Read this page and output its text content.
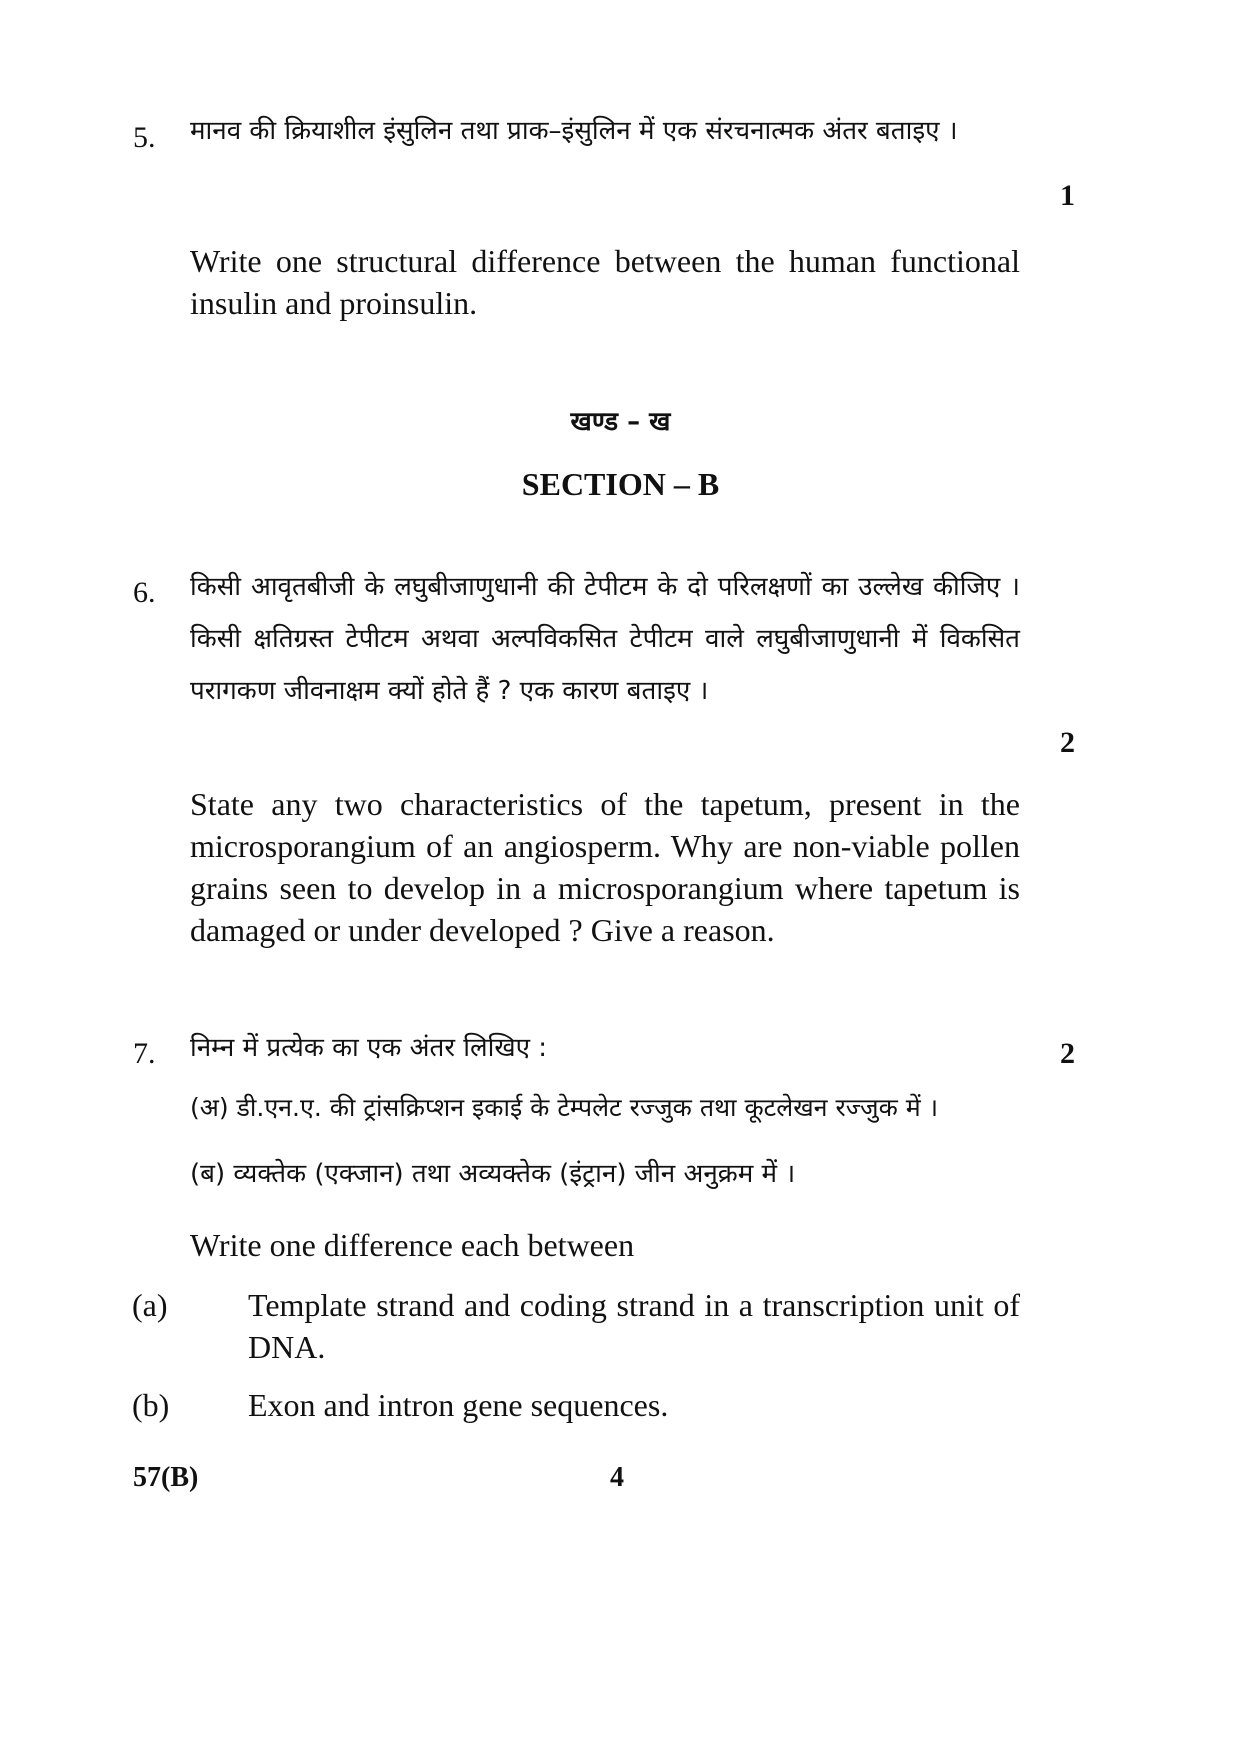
5. मानव की क्रियाशील इंसुलिन तथा प्राक–इंसुलिन में एक संरचनात्मक अंतर बताइए ।
1
Write one structural difference between the human functional insulin and proinsulin.
खण्ड – ख
SECTION – B
6. किसी आवृतबीजी के लघुबीजाणुधानी की टेपीटम के दो परिलक्षणों का उल्लेख कीजिए । किसी क्षतिग्रस्त टेपीटम अथवा अल्पविकसित टेपीटम वाले लघुबीजाणुधानी में विकसित परागकण जीवनाक्षम क्यों होते हैं ? एक कारण बताइए ।
2
State any two characteristics of the tapetum, present in the microsporangium of an angiosperm. Why are non-viable pollen grains seen to develop in a microsporangium where tapetum is damaged or under developed ? Give a reason.
7. निम्न में प्रत्येक का एक अंतर लिखिए :	2
(अ) डी.एन.ए. की ट्रांसक्रिप्शन इकाई के टेम्पलेट रज्जुक तथा कूटलेखन रज्जुक में ।
(ब) व्यक्तेक (एक्जान) तथा अव्यक्तेक (इंट्रान) जीन अनुक्रम में ।
Write one difference each between
(a)	Template strand and coding strand in a transcription unit of DNA.
(b) Exon and intron gene sequences.
57(B)	4
